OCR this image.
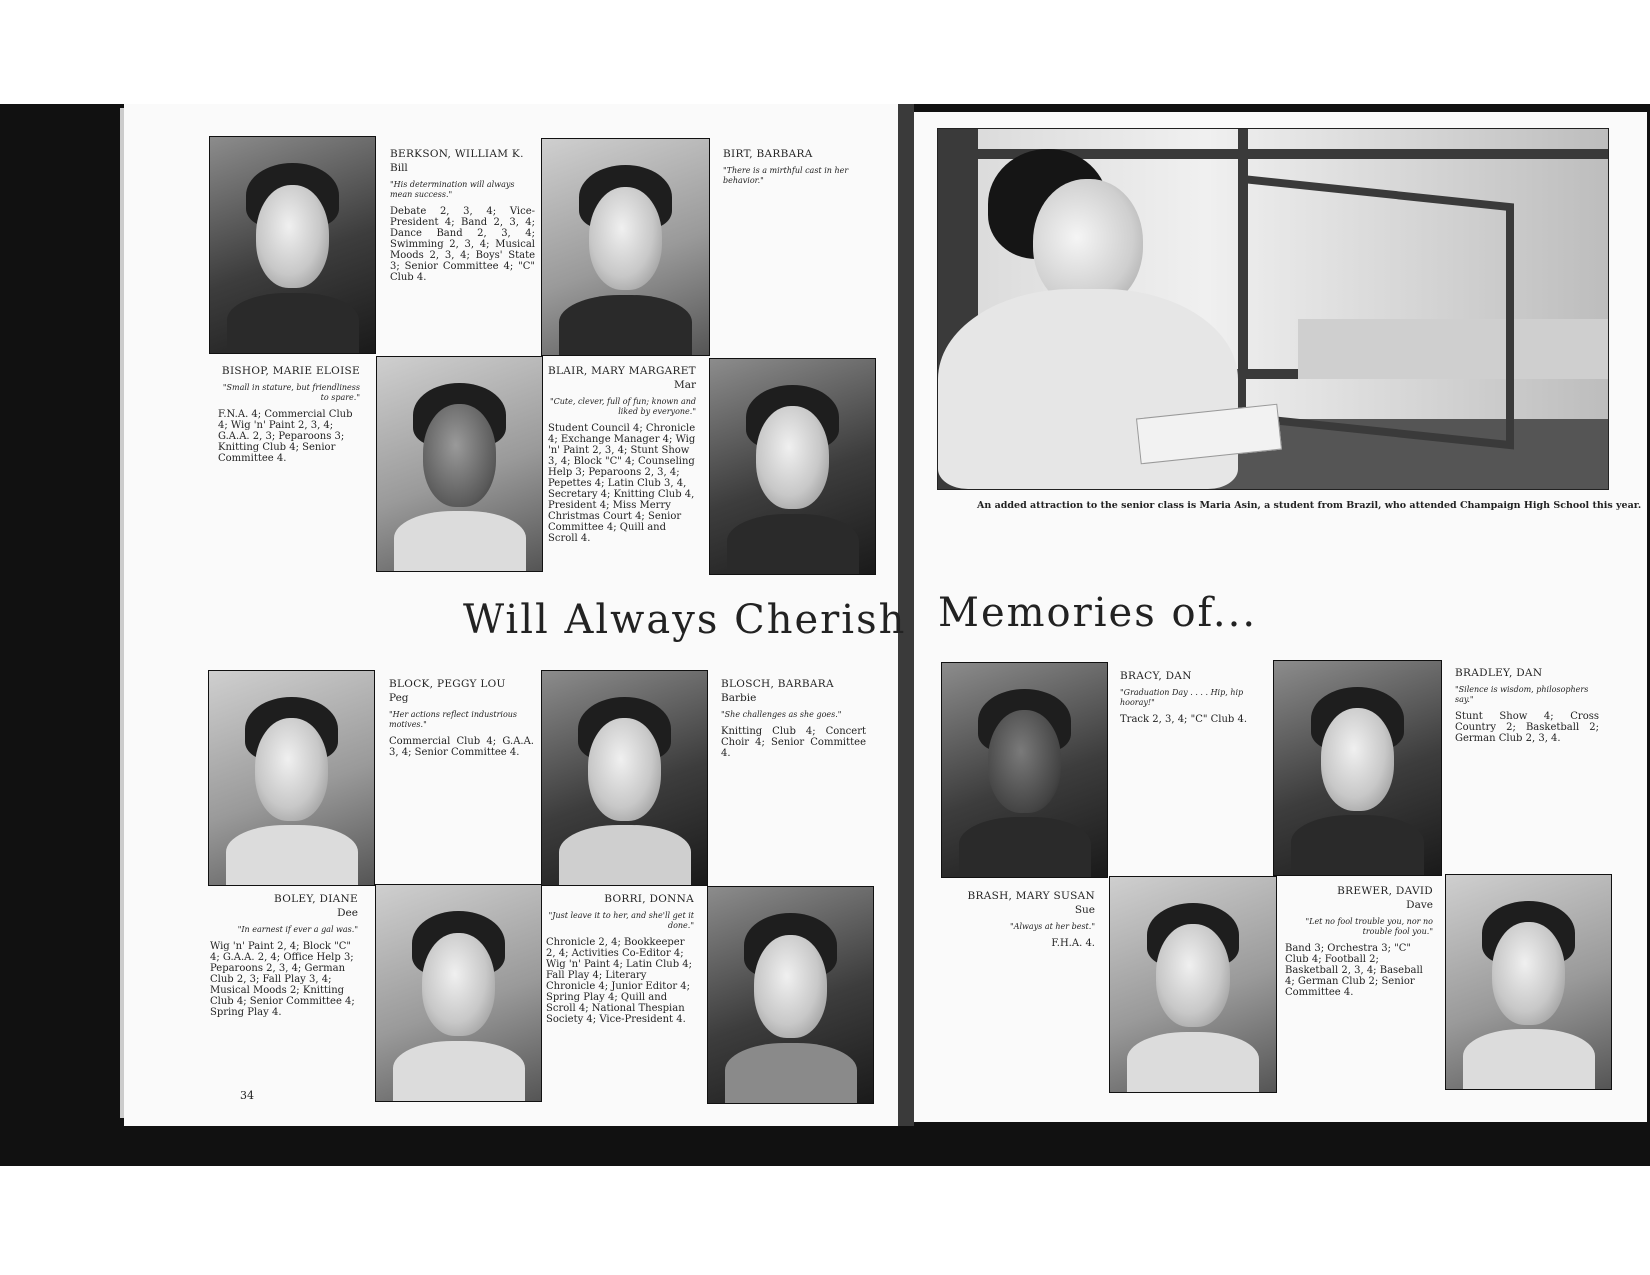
BERKSON, WILLIAM K.

Bill

"His determination will always mean success."

Debate 2, 3, 4; Vice-President 4; Band 2, 3, 4; Dance Band 2, 3, 4; Swimming 2, 3, 4; Musical Moods 2, 3, 4; Boys' State 3; Senior Committee 4; "C" Club 4.

BIRT, BARBARA

"There is a mirthful cast in her behavior."

BISHOP, MARIE ELOISE

"Small in stature, but friendliness to spare."

F.N.A. 4; Commercial Club 4; Wig 'n' Paint 2, 3, 4; G.A.A. 2, 3; Peparoons 3; Knitting Club 4; Senior Committee 4.

BLAIR, MARY MARGARET

Mar

"Cute, clever, full of fun; known and liked by everyone."

Student Council 4; Chronicle 4; Exchange Manager 4; Wig 'n' Paint 2, 3, 4; Stunt Show 3, 4; Block "C" 4; Counseling Help 3; Peparoons 2, 3, 4; Pepettes 4; Latin Club 3, 4, Secretary 4; Knitting Club 4, President 4; Miss Merry Christmas Court 4; Senior Committee 4; Quill and Scroll 4.

Will Always Cherish

BLOCK, PEGGY LOU

Peg

"Her actions reflect industrious motives."

Commercial Club 4; G.A.A. 3, 4; Senior Committee 4.

BLOSCH, BARBARA

Barbie

"She challenges as she goes."

Knitting Club 4; Concert Choir 4; Senior Committee 4.

BOLEY, DIANE

Dee

"In earnest if ever a gal was."

Wig 'n' Paint 2, 4; Block "C" 4; G.A.A. 2, 4; Office Help 3; Peparoons 2, 3, 4; German Club 2, 3; Fall Play 3, 4; Musical Moods 2; Knitting Club 4; Senior Committee 4; Spring Play 4.

BORRI, DONNA

"Just leave it to her, and she'll get it done."

Chronicle 2, 4; Bookkeeper 2, 4; Activities Co-Editor 4; Wig 'n' Paint 4; Latin Club 4; Fall Play 4; Literary Chronicle 4; Junior Editor 4; Spring Play 4; Quill and Scroll 4; National Thespian Society 4; Vice-President 4.

34
An added attraction to the senior class is Maria Asin, a student from Brazil, who attended Champaign High School this year.
Memories of...

BRACY, DAN

"Graduation Day . . . . Hip, hip hooray!"

Track 2, 3, 4; "C" Club 4.

BRADLEY, DAN

"Silence is wisdom, philosophers say."

Stunt Show 4; Cross Country 2; Basketball 2; German Club 2, 3, 4.

BRASH, MARY SUSAN

Sue

"Always at her best."

F.H.A. 4.

BREWER, DAVID

Dave

"Let no fool trouble you, nor no trouble fool you."

Band 3; Orchestra 3; "C" Club 4; Football 2; Basketball 2, 3, 4; Baseball 4; German Club 2; Senior Committee 4.
